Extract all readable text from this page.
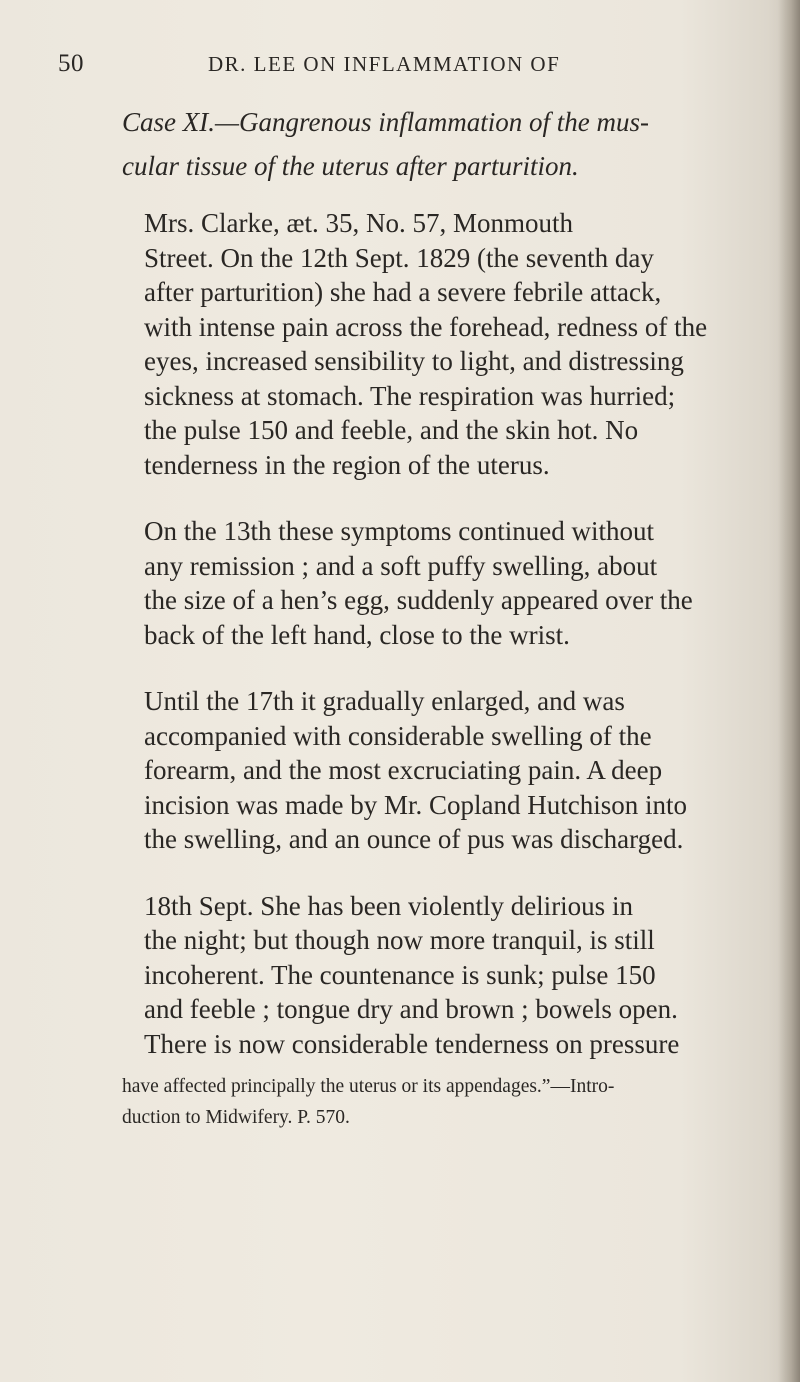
50	DR. LEE ON INFLAMMATION OF
Case XI.—Gangrenous inflammation of the mus-
cular tissue of the uterus after parturition.
Mrs. Clarke, æt. 35, No. 57, Monmouth
Street. On the 12th Sept. 1829 (the seventh day
after parturition) she had a severe febrile attack,
with intense pain across the forehead, redness of the
eyes, increased sensibility to light, and distressing
sickness at stomach. The respiration was hurried;
the pulse 150 and feeble, and the skin hot. No
tenderness in the region of the uterus.
On the 13th these symptoms continued without
any remission ; and a soft puffy swelling, about
the size of a hen’s egg, suddenly appeared over the
back of the left hand, close to the wrist.
Until the 17th it gradually enlarged, and was
accompanied with considerable swelling of the
forearm, and the most excruciating pain. A deep
incision was made by Mr. Copland Hutchison into
the swelling, and an ounce of pus was discharged.
18th Sept. She has been violently delirious in
the night; but though now more tranquil, is still
incoherent. The countenance is sunk; pulse 150
and feeble ; tongue dry and brown ; bowels open.
There is now considerable tenderness on pressure
have affected principally the uterus or its appendages.”—Intro-
duction to Midwifery. P. 570.
